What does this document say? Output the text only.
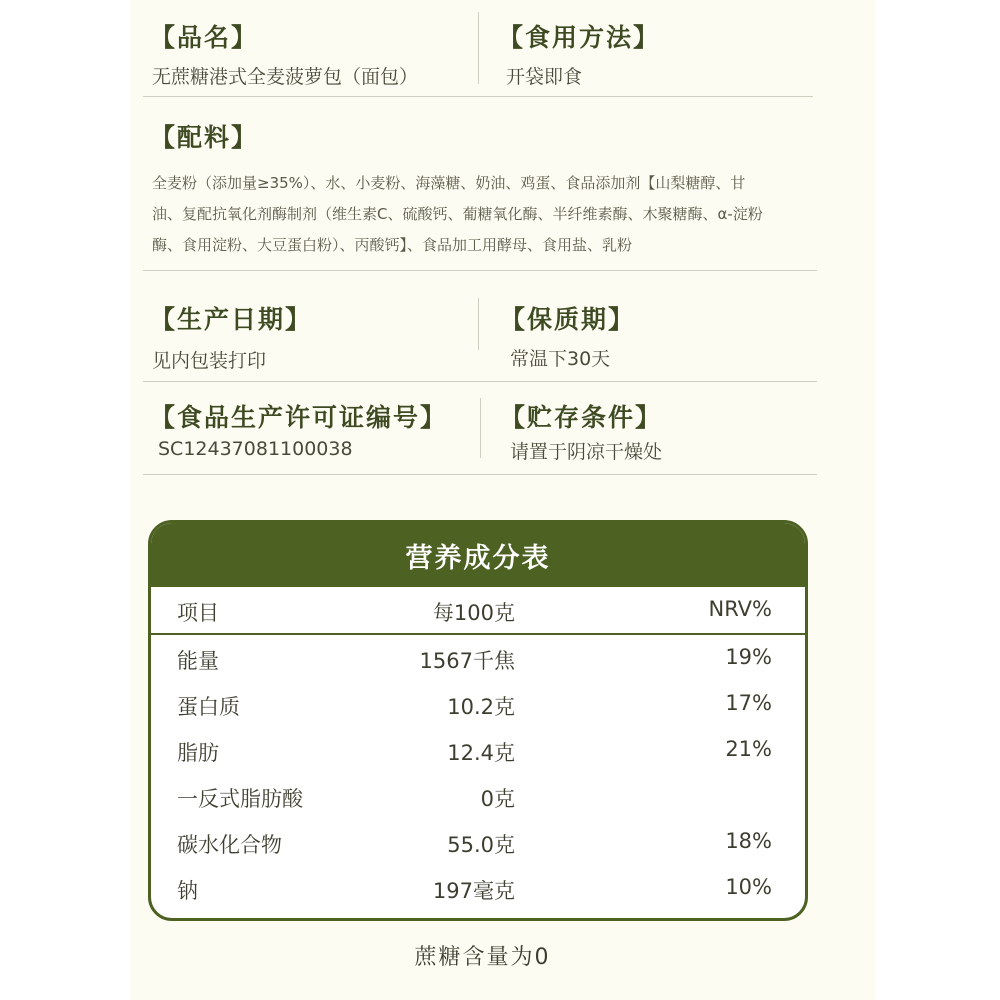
【品名】
无蔗糖港式全麦菠萝包（面包）
【食用方法】
开袋即食
【配料】
全麦粉（添加量≥35%）、水、小麦粉、海藻糖、奶油、鸡蛋、食品添加剂【山梨糖醇、甘
油、复配抗氧化剂酶制剂（维生素C、硫酸钙、葡糖氧化酶、半纤维素酶、木聚糖酶、α-淀粉
酶、食用淀粉、大豆蛋白粉）、丙酸钙】、食品加工用酵母、食用盐、乳粉
【生产日期】
见内包装打印
【保质期】
常温下30天
【食品生产许可证编号】
SC12437081100038
【贮存条件】
请置于阴凉干燥处
营养成分表
项目	每100克	NRV%
能量	1567千焦	19%
蛋白质	10.2克	17%
脂肪	12.4克	21%
一反式脂肪酸	0克
碳水化合物	55.0克	18%
钠	197毫克	10%
蔗糖含量为0
